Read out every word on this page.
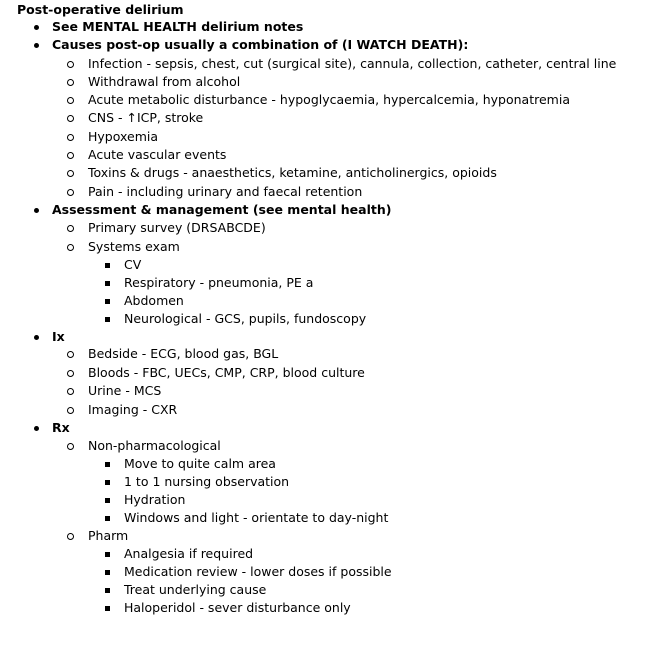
Post-operative delirium
See MENTAL HEALTH delirium notes
Causes post-op usually a combination of (I WATCH DEATH):
Infection - sepsis, chest, cut (surgical site), cannula, collection, catheter, central line
Withdrawal from alcohol
Acute metabolic disturbance - hypoglycaemia, hypercalcemia, hyponatremia
CNS - ↑ICP, stroke
Hypoxemia
Acute vascular events
Toxins & drugs - anaesthetics, ketamine, anticholinergics, opioids
Pain - including urinary and faecal retention
Assessment & management (see mental health)
Primary survey (DRSABCDE)
Systems exam
CV
Respiratory - pneumonia, PE a
Abdomen
Neurological - GCS, pupils, fundoscopy
Ix
Bedside - ECG, blood gas, BGL
Bloods - FBC, UECs, CMP, CRP, blood culture
Urine - MCS
Imaging - CXR
Rx
Non-pharmacological
Move to quite calm area
1 to 1 nursing observation
Hydration
Windows and light - orientate to day-night
Pharm
Analgesia if required
Medication review - lower doses if possible
Treat underlying cause
Haloperidol - sever disturbance only
